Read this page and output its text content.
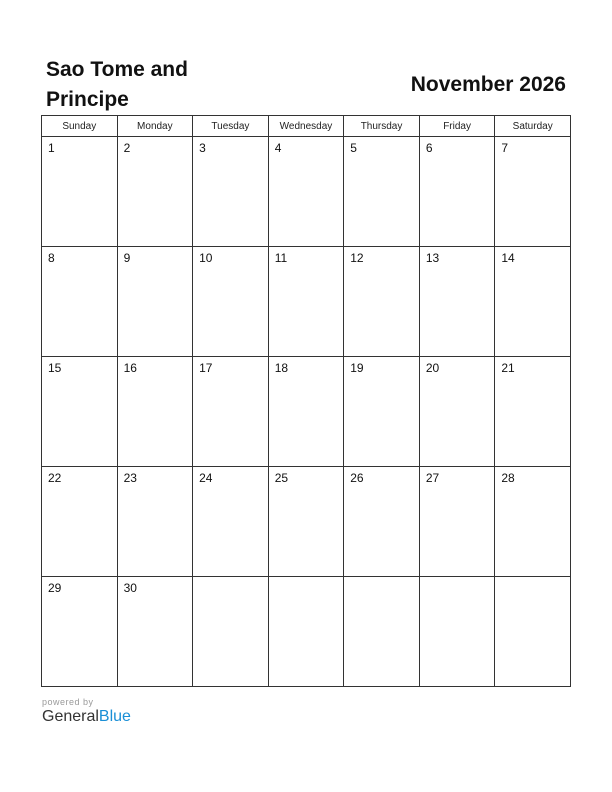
Sao Tome and
Principe
November 2026
Sunday	Monday	Tuesday	Wednesday	Thursday	Friday	Saturday

1	2	3	4	5	6	7

8	9	10	11	12	13	14

15	16	17	18	19	20	21

22	23	24	25	26	27	28

29	30					

powered by
GeneralBlue
